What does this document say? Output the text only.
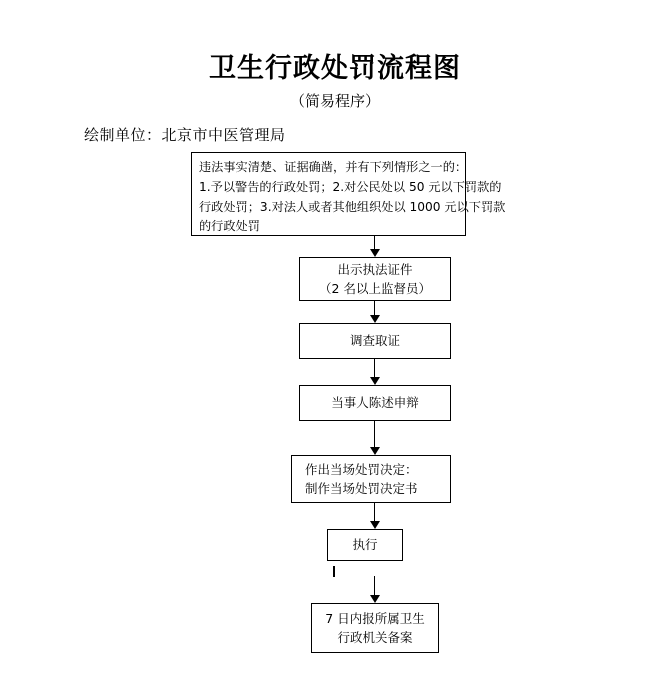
卫生行政处罚流程图
（简易程序）
绘制单位：北京市中医管理局
违法事实清楚、证据确凿，并有下列情形之一的：
1.予以警告的行政处罚；2.对公民处以 50 元以下罚款的
行政处罚；3.对法人或者其他组织处以 1000 元以下罚款
的行政处罚
出示执法证件
（2 名以上监督员）
调查取证
当事人陈述申辩
作出当场处罚决定：
制作当场处罚决定书
执行
7 日内报所属卫生
行政机关备案
